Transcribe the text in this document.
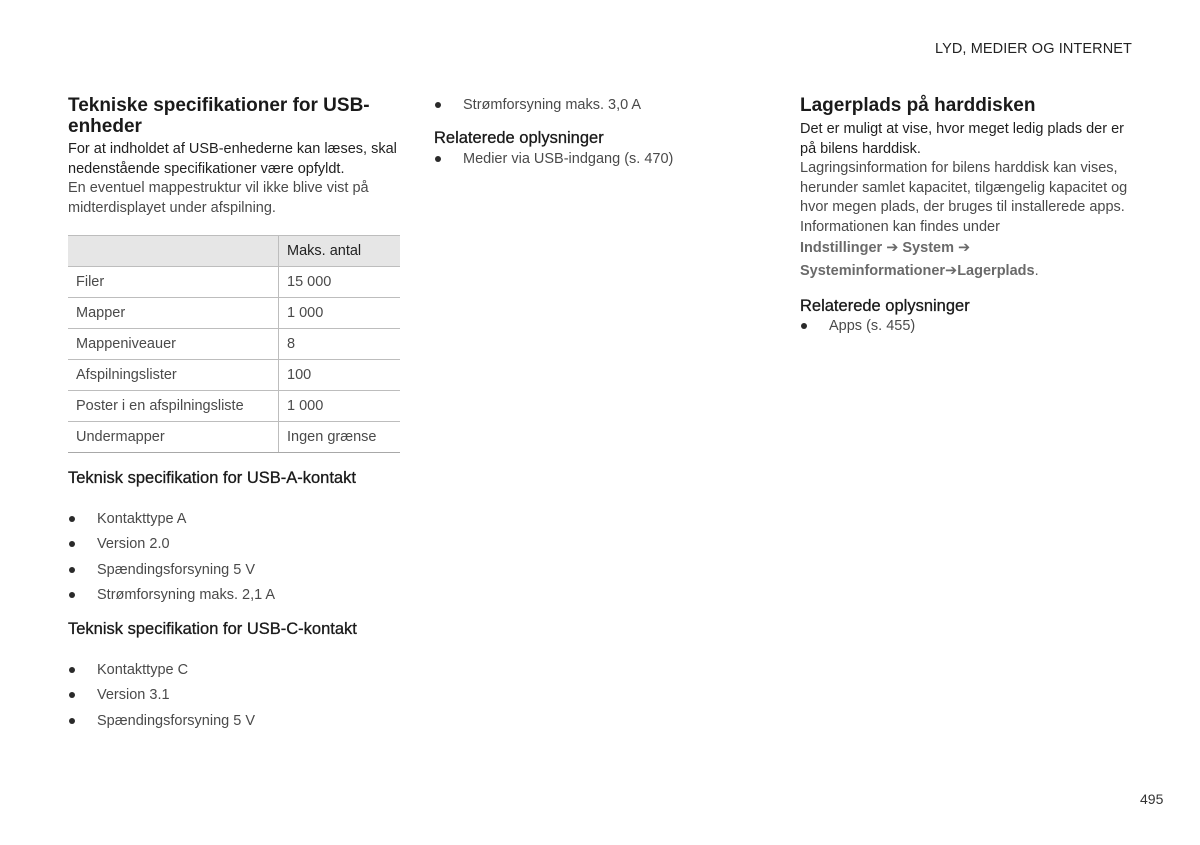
LYD, MEDIER OG INTERNET
Tekniske specifikationer for USB-enheder

For at indholdet af USB-enhederne kan læses, skal nedenstående specifikationer være opfyldt.

En eventuel mappestruktur vil ikke blive vist på midterdisplayet under afspilning.

	Maks. antal
Filer	15 000
Mapper	1 000
Mappeniveauer	8
Afspilningslister	100
Poster i en afspilningsliste	1 000
Undermapper	Ingen grænse
Teknisk specifikation for USB-A-kontakt
Kontakttype A
Version 2.0
Spændingsforsyning 5 V
Strømforsyning maks. 2,1 A
Teknisk specifikation for USB-C-kontakt
Kontakttype C
Version 3.1
Spændingsforsyning 5 V
Strømforsyning maks. 3,0 A
Relaterede oplysninger
Medier via USB-indgang (s. 470)
Lagerplads på harddisken

Det er muligt at vise, hvor meget ledig plads der er på bilens harddisk.

Lagringsinformation for bilens harddisk kan vises, herunder samlet kapacitet, tilgængelig kapacitet og hvor megen plads, der bruges til installerede apps. Informationen kan findes under

Indstillinger ➔ System ➔
Systeminformationer➔Lagerplads.
Relaterede oplysninger
Apps (s. 455)
495
